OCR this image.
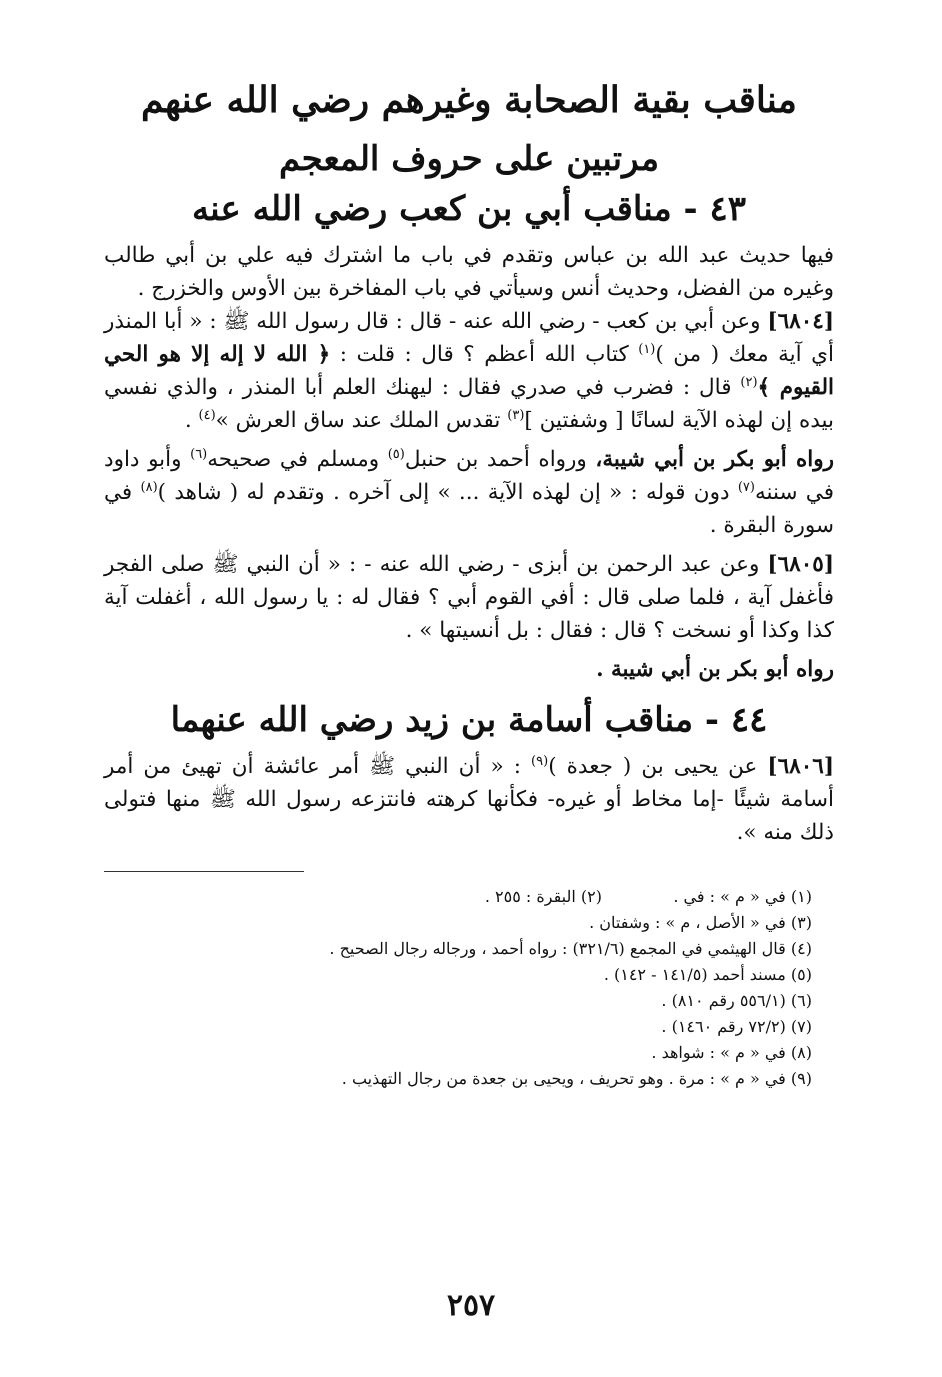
مناقب بقية الصحابة وغيرهم رضي الله عنهم
مرتبين على حروف المعجم
٤٣ - مناقب أبي بن كعب رضي الله عنه

فيها حديث عبد الله بن عباس وتقدم في باب ما اشترك فيه علي بن أبي طالب وغيره من الفضل، وحديث أنس وسيأتي في باب المفاخرة بين الأوس والخزرج .

[٦٨٠٤] وعن أبي بن كعب - رضي الله عنه - قال : قال رسول الله ﷺ : « أبا المنذر أي آية معك ( من )$^{(١)}$ كتاب الله أعظم ؟ قال : قلت : ﴿ الله لا إله إلا هو الحي القيوم ﴾$^{(٢)}$ قال : فضرب في صدري فقال : ليهنك العلم أبا المنذر ، والذي نفسي بيده إن لهذه الآية لسانًا [ وشفتين ]$^{(٣)}$ تقدس الملك عند ساق العرش »$^{(٤)}$ .

رواه أبو بكر بن أبي شيبة، ورواه أحمد بن حنبل$^{(٥)}$ ومسلم في صحيحه$^{(٦)}$ وأبو داود في سننه$^{(٧)}$ دون قوله : « إن لهذه الآية ... » إلى آخره . وتقدم له ( شاهد )$^{(٨)}$ في سورة البقرة .

[٦٨٠٥] وعن عبد الرحمن بن أبزى - رضي الله عنه - : « أن النبي ﷺ صلى الفجر فأغفل آية ، فلما صلى قال : أفي القوم أبي ؟ فقال له : يا رسول الله ، أغفلت آية كذا وكذا أو نسخت ؟ قال : فقال : بل أنسيتها » .

رواه أبو بكر بن أبي شيبة .

٤٤ - مناقب أسامة بن زيد رضي الله عنهما

[٦٨٠٦] عن يحيى بن ( جعدة )$^{(٩)}$ : « أن النبي ﷺ أمر عائشة أن تهيئ من أمر أسامة شيئًا -إما مخاط أو غيره- فكأنها كرهته فانتزعه رسول الله ﷺ منها فتولى ذلك منه ».

(١) في « م » : في .
(٢) البقرة : ٢٥٥ .
(٣) في « الأصل ، م » : وشفتان .
(٤) قال الهيثمي في المجمع (٣٢١/٦) : رواه أحمد ، ورجاله رجال الصحيح .
(٥) مسند أحمد (١٤١/٥ - ١٤٢) .
(٦) (٥٥٦/١ رقم ٨١٠) .
(٧) (٧٢/٢ رقم ١٤٦٠) .
(٨) في « م » : شواهد .
(٩) في « م » : مرة . وهو تحريف ، ويحيى بن جعدة من رجال التهذيب .
٢٥٧
